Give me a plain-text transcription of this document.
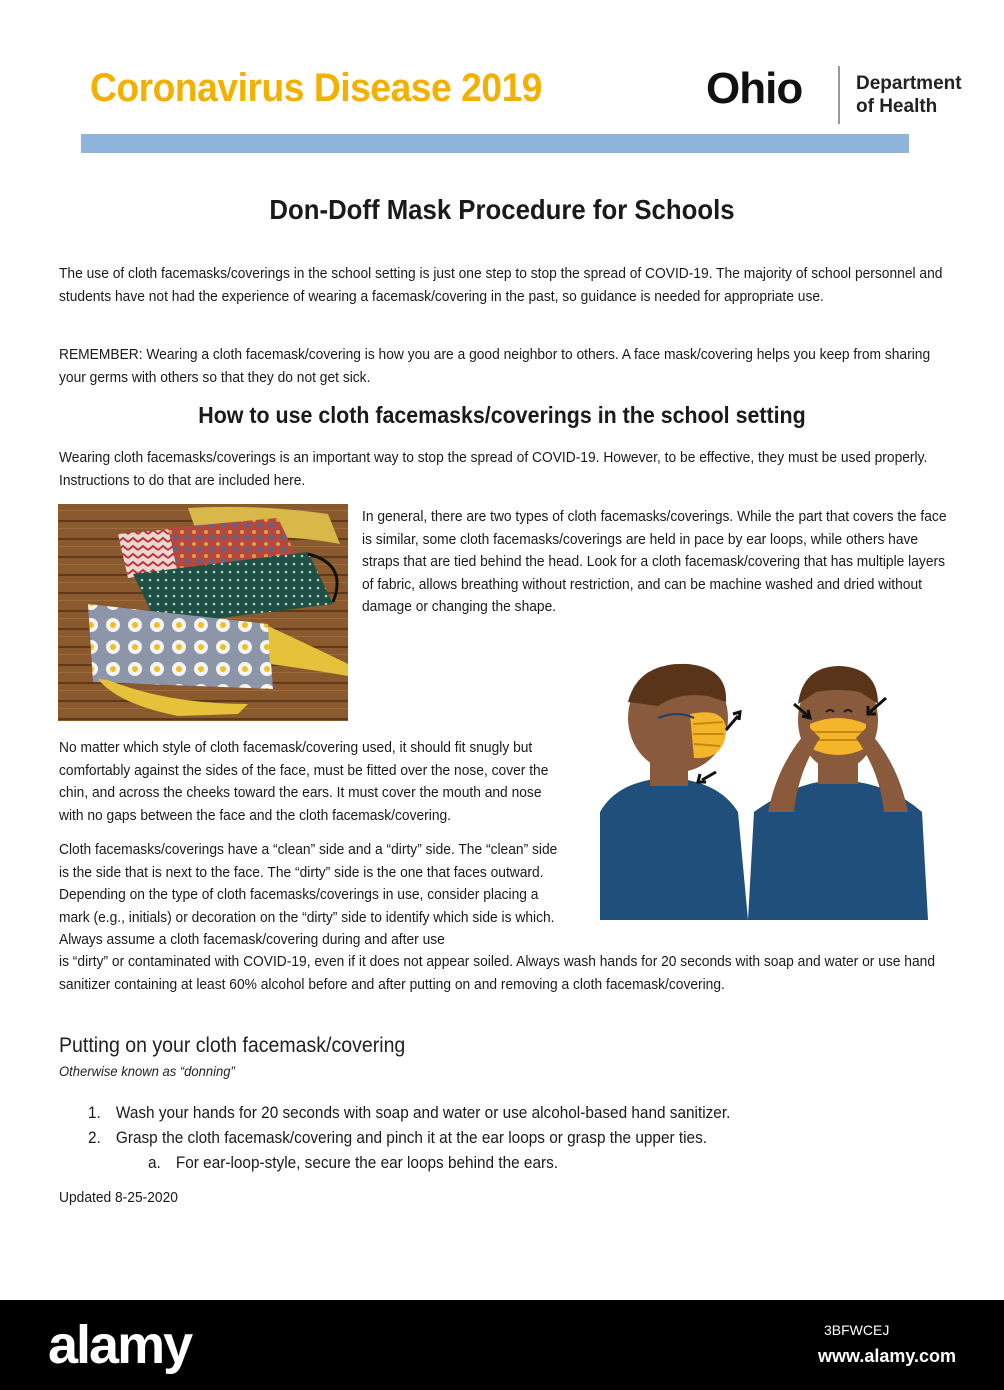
Coronavirus Disease 2019	Ohio	Department
of Health
Don-Doff Mask Procedure for Schools
The use of cloth facemasks/coverings in the school setting is just one step to stop the spread of COVID-19. The majority of school personnel and students have not had the experience of wearing a facemask/covering in the past, so guidance is needed for appropriate use.
REMEMBER: Wearing a cloth facemask/covering is how you are a good neighbor to others. A face mask/covering helps you keep from sharing your germs with others so that they do not get sick.
How to use cloth facemasks/coverings in the school setting
Wearing cloth facemasks/coverings is an important way to stop the spread of COVID-19. However, to be effective, they must be used properly. Instructions to do that are included here.
In general, there are two types of cloth facemasks/coverings. While the part that covers the face is similar, some cloth facemasks/coverings are held in pace by ear loops, while others have straps that are tied behind the head. Look for a cloth facemask/covering that has multiple layers of fabric, allows breathing without restriction, and can be machine washed and dried without damage or changing the shape.
No matter which style of cloth facemask/covering used, it should fit snugly but comfortably against the sides of the face, must be fitted over the nose, cover the chin, and across the cheeks toward the ears. It must cover the mouth and nose with no gaps between the face and the cloth facemask/covering.
Cloth facemasks/coverings have a “clean” side and a “dirty” side. The “clean” side is the side that is next to the face. The “dirty” side is the one that faces outward. Depending on the type of cloth facemasks/coverings in use, consider placing a mark (e.g., initials) or decoration on the “dirty” side to identify which side is which. Always assume a cloth facemask/covering during and after use
is “dirty” or contaminated with COVID-19, even if it does not appear soiled. Always wash hands for 20 seconds with soap and water or use hand sanitizer containing at least 60% alcohol before and after putting on and removing a cloth facemask/covering.
Putting on your cloth facemask/covering
Otherwise known as “donning”
1. Wash your hands for 20 seconds with soap and water or use alcohol-based hand sanitizer.
2. Grasp the cloth facemask/covering and pinch it at the ear loops or grasp the upper ties.
a. For ear-loop-style, secure the ear loops behind the ears.
Updated 8-25-2020
alamy	3BFWCEJ
www.alamy.com
